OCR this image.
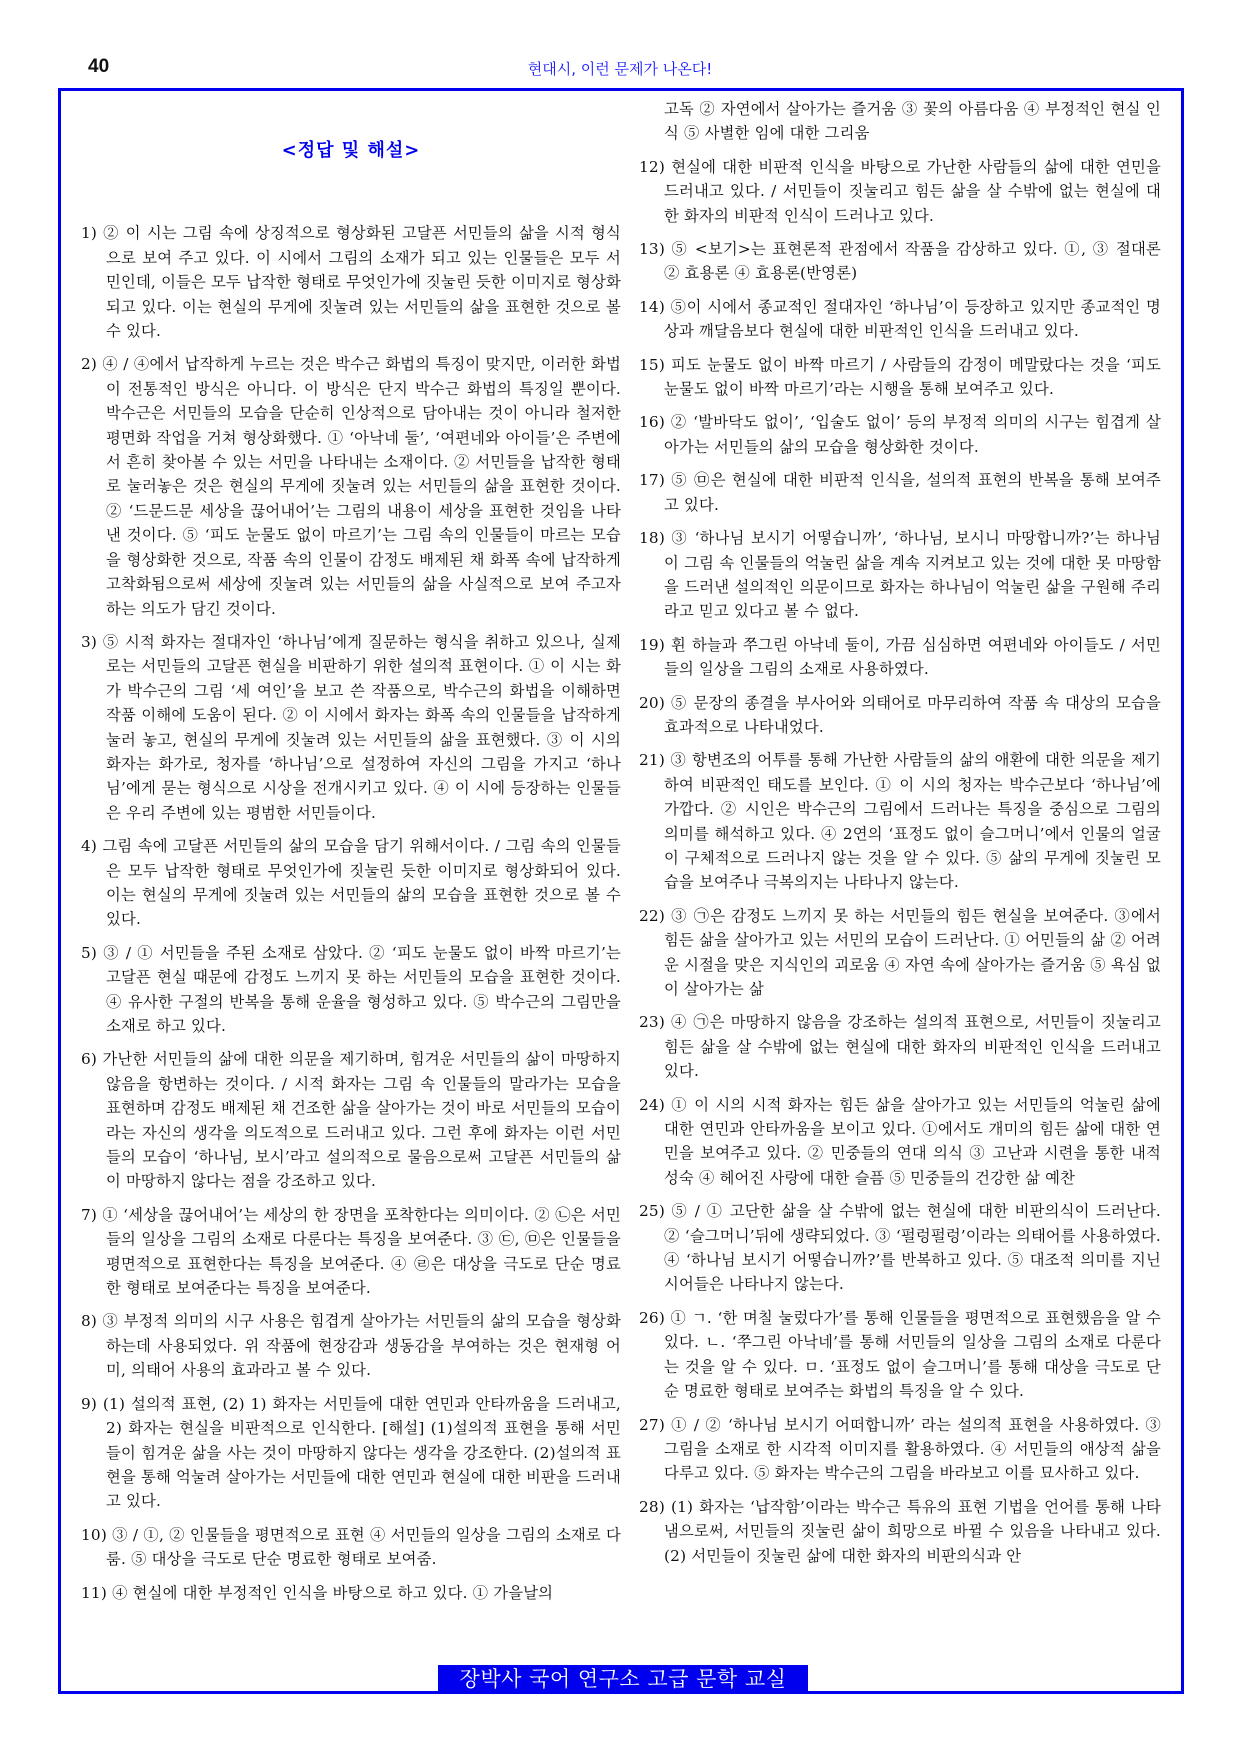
40	현대시, 이런 문제가 나온다!
<정답 및 해설>
1) ② 이 시는 그림 속에 상징적으로 형상화된 고달픈 서민들의 삶을 시적 형식으로 보여 주고 있다. 이 시에서 그림의 소재가 되고 있는 인물들은 모두 서민인데, 이들은 모두 납작한 형태로 무엇인가에 짓눌린 듯한 이미지로 형상화되고 있다. 이는 현실의 무게에 짓눌려 있는 서민들의 삶을 표현한 것으로 볼 수 있다.
2) ④ / ④에서 납작하게 누르는 것은 박수근 화법의 특징이 맞지만, 이러한 화법이 전통적인 방식은 아니다. 이 방식은 단지 박수근 화법의 특징일 뿐이다. 박수근은 서민들의 모습을 단순히 인상적으로 담아내는 것이 아니라 철저한 평면화 작업을 거쳐 형상화했다. ① ‘아낙네 둘’, ‘여편네와 아이들’은 주변에서 흔히 찾아볼 수 있는 서민을 나타내는 소재이다. ② 서민들을 납작한 형태로 눌러놓은 것은 현실의 무게에 짓눌려 있는 서민들의 삶을 표현한 것이다. ② ‘드문드문 세상을 끊어내어’는 그림의 내용이 세상을 표현한 것임을 나타낸 것이다. ⑤ ‘피도 눈물도 없이 마르기’는 그림 속의 인물들이 마르는 모습을 형상화한 것으로, 작품 속의 인물이 감정도 배제된 채 화폭 속에 납작하게 고착화됨으로써 세상에 짓눌려 있는 서민들의 삶을 사실적으로 보여 주고자 하는 의도가 담긴 것이다.
3) ⑤ 시적 화자는 절대자인 ‘하나님’에게 질문하는 형식을 취하고 있으나, 실제로는 서민들의 고달픈 현실을 비판하기 위한 설의적 표현이다. ① 이 시는 화가 박수근의 그림 ‘세 여인’을 보고 쓴 작품으로, 박수근의 화법을 이해하면 작품 이해에 도움이 된다. ② 이 시에서 화자는 화폭 속의 인물들을 납작하게 눌러 놓고, 현실의 무게에 짓눌려 있는 서민들의 삶을 표현했다. ③ 이 시의 화자는 화가로, 청자를 ‘하나님’으로 설정하여 자신의 그림을 가지고 ‘하나님’에게 묻는 형식으로 시상을 전개시키고 있다. ④ 이 시에 등장하는 인물들은 우리 주변에 있는 평범한 서민들이다.
4) 그림 속에 고달픈 서민들의 삶의 모습을 담기 위해서이다. / 그림 속의 인물들은 모두 납작한 형태로 무엇인가에 짓눌린 듯한 이미지로 형상화되어 있다. 이는 현실의 무게에 짓눌려 있는 서민들의 삶의 모습을 표현한 것으로 볼 수 있다.
5) ③ / ① 서민들을 주된 소재로 삼았다. ② ‘피도 눈물도 없이 바짝 마르기’는 고달픈 현실 때문에 감정도 느끼지 못 하는 서민들의 모습을 표현한 것이다. ④ 유사한 구절의 반복을 통해 운율을 형성하고 있다. ⑤ 박수근의 그림만을 소재로 하고 있다.
6) 가난한 서민들의 삶에 대한 의문을 제기하며, 힘겨운 서민들의 삶이 마땅하지 않음을 항변하는 것이다. / 시적 화자는 그림 속 인물들의 말라가는 모습을 표현하며 감정도 배제된 채 건조한 삶을 살아가는 것이 바로 서민들의 모습이라는 자신의 생각을 의도적으로 드러내고 있다. 그런 후에 화자는 이런 서민들의 모습이 ‘하나님, 보시’라고 설의적으로 물음으로써 고달픈 서민들의 삶이 마땅하지 않다는 점을 강조하고 있다.
7) ① ‘세상을 끊어내어’는 세상의 한 장면을 포착한다는 의미이다. ② ㉡은 서민들의 일상을 그림의 소재로 다룬다는 특징을 보여준다. ③ ㉢, ㉤은 인물들을 평면적으로 표현한다는 특징을 보여준다. ④ ㉣은 대상을 극도로 단순 명료한 형태로 보여준다는 특징을 보여준다.
8) ③ 부정적 의미의 시구 사용은 힘겹게 살아가는 서민들의 삶의 모습을 형상화하는데 사용되었다. 위 작품에 현장감과 생동감을 부여하는 것은 현재형 어미, 의태어 사용의 효과라고 볼 수 있다.
9) (1) 설의적 표현, (2) 1) 화자는 서민들에 대한 연민과 안타까움을 드러내고, 2) 화자는 현실을 비판적으로 인식한다. [해설] (1)설의적 표현을 통해 서민들이 힘겨운 삶을 사는 것이 마땅하지 않다는 생각을 강조한다. (2)설의적 표현을 통해 억눌려 살아가는 서민들에 대한 연민과 현실에 대한 비판을 드러내고 있다.
10) ③ / ①, ② 인물들을 평면적으로 표현 ④ 서민들의 일상을 그림의 소재로 다룸. ⑤ 대상을 극도로 단순 명료한 형태로 보여줌.
11) ④ 현실에 대한 부정적인 인식을 바탕으로 하고 있다. ① 가을날의
고독 ② 자연에서 살아가는 즐거움 ③ 꽃의 아름다움 ④ 부정적인 현실 인식 ⑤ 사별한 임에 대한 그리움
12) 현실에 대한 비판적 인식을 바탕으로 가난한 사람들의 삶에 대한 연민을 드러내고 있다. / 서민들이 짓눌리고 힘든 삶을 살 수밖에 없는 현실에 대한 화자의 비판적 인식이 드러나고 있다.
13) ⑤ <보기>는 표현론적 관점에서 작품을 감상하고 있다. ①, ③ 절대론 ② 효용론 ④ 효용론(반영론)
14) ⑤이 시에서 종교적인 절대자인 ‘하나님’이 등장하고 있지만 종교적인 명상과 깨달음보다 현실에 대한 비판적인 인식을 드러내고 있다.
15) 피도 눈물도 없이 바짝 마르기 / 사람들의 감정이 메말랐다는 것을 ‘피도 눈물도 없이 바짝 마르기’라는 시행을 통해 보여주고 있다.
16) ② ‘발바닥도 없이’, ‘입술도 없이’ 등의 부정적 의미의 시구는 힘겹게 살아가는 서민들의 삶의 모습을 형상화한 것이다.
17) ⑤ ㉤은 현실에 대한 비판적 인식을, 설의적 표현의 반복을 통해 보여주고 있다.
18) ③ ‘하나님 보시기 어떻습니까’, ‘하나님, 보시니 마땅합니까?’는 하나님이 그림 속 인물들의 억눌린 삶을 계속 지켜보고 있는 것에 대한 못 마땅함을 드러낸 설의적인 의문이므로 화자는 하나님이 억눌린 삶을 구원해 주리라고 믿고 있다고 볼 수 없다.
19) 휜 하늘과 쭈그린 아낙네 둘이, 가끔 심심하면 여편네와 아이들도 / 서민들의 일상을 그림의 소재로 사용하였다.
20) ⑤ 문장의 종결을 부사어와 의태어로 마무리하여 작품 속 대상의 모습을 효과적으로 나타내었다.
21) ③ 항변조의 어투를 통해 가난한 사람들의 삶의 애환에 대한 의문을 제기하여 비판적인 태도를 보인다. ① 이 시의 청자는 박수근보다 ‘하나님’에 가깝다. ② 시인은 박수근의 그림에서 드러나는 특징을 중심으로 그림의 의미를 해석하고 있다. ④ 2연의 ‘표정도 없이 슬그머니’에서 인물의 얼굴이 구체적으로 드러나지 않는 것을 알 수 있다. ⑤ 삶의 무게에 짓눌린 모습을 보여주나 극복의지는 나타나지 않는다.
22) ③ ㉠은 감정도 느끼지 못 하는 서민들의 힘든 현실을 보여준다. ③에서 힘든 삶을 살아가고 있는 서민의 모습이 드러난다. ① 어민들의 삶 ② 어려운 시절을 맞은 지식인의 괴로움 ④ 자연 속에 살아가는 즐거움 ⑤ 욕심 없이 살아가는 삶
23) ④ ㉠은 마땅하지 않음을 강조하는 설의적 표현으로, 서민들이 짓눌리고 힘든 삶을 살 수밖에 없는 현실에 대한 화자의 비판적인 인식을 드러내고 있다.
24) ① 이 시의 시적 화자는 힘든 삶을 살아가고 있는 서민들의 억눌린 삶에 대한 연민과 안타까움을 보이고 있다. ①에서도 개미의 힘든 삶에 대한 연민을 보여주고 있다. ② 민중들의 연대 의식 ③ 고난과 시련을 통한 내적 성숙 ④ 헤어진 사랑에 대한 슬픔 ⑤ 민중들의 건강한 삶 예찬
25) ⑤ / ① 고단한 삶을 살 수밖에 없는 현실에 대한 비판의식이 드러난다. ② ‘슬그머니’뒤에 생략되었다. ③ ‘펄렁펄렁’이라는 의태어를 사용하였다. ④ ‘하나님 보시기 어떻습니까?’를 반복하고 있다. ⑤ 대조적 의미를 지닌 시어들은 나타나지 않는다.
26) ① ㄱ. ‘한 며칠 눌렀다가’를 통해 인물들을 평면적으로 표현했음을 알 수 있다. ㄴ. ‘쭈그린 아낙네’를 통해 서민들의 일상을 그림의 소재로 다룬다는 것을 알 수 있다. ㅁ. ‘표정도 없이 슬그머니’를 통해 대상을 극도로 단순 명료한 형태로 보여주는 화법의 특징을 알 수 있다.
27) ① / ② ‘하나님 보시기 어떠합니까’ 라는 설의적 표현을 사용하였다. ③ 그림을 소재로 한 시각적 이미지를 활용하였다. ④ 서민들의 애상적 삶을 다루고 있다. ⑤ 화자는 박수근의 그림을 바라보고 이를 묘사하고 있다.
28) (1) 화자는 ‘납작함’이라는 박수근 특유의 표현 기법을 언어를 통해 나타냄으로써, 서민들의 짓눌린 삶이 희망으로 바뀔 수 있음을 나타내고 있다. (2) 서민들이 짓눌린 삶에 대한 화자의 비판의식과 안
장박사 국어 연구소 고급 문학 교실
